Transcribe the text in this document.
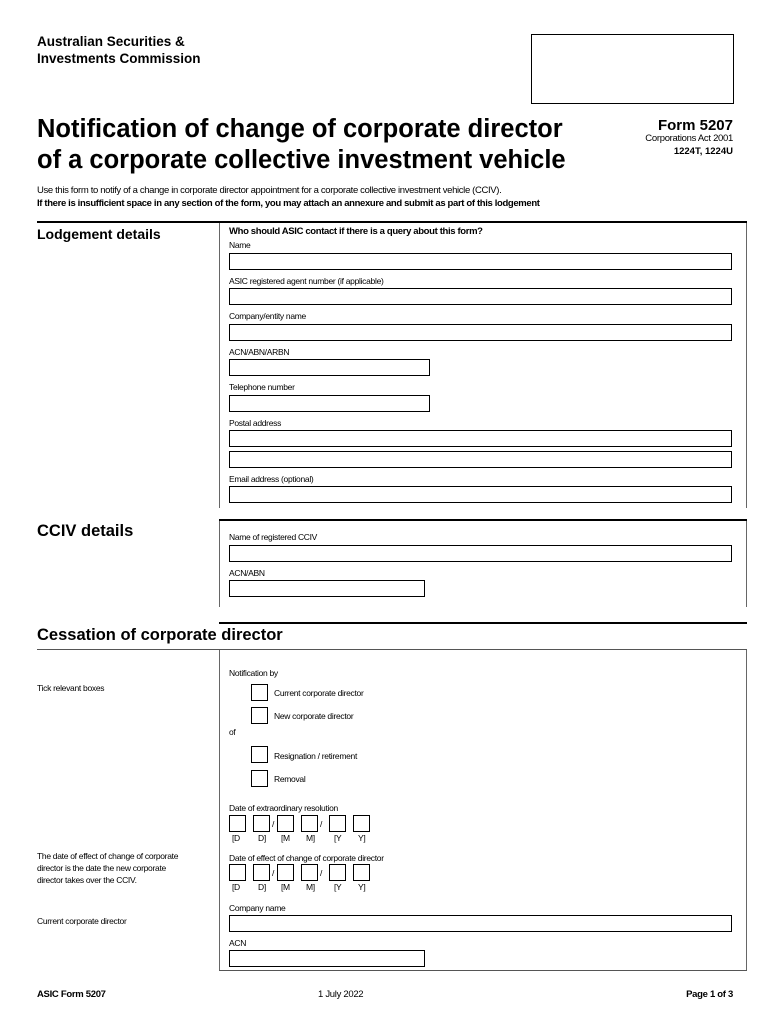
Australian Securities &
Investments Commission
Notification of change of corporate director
of a corporate collective investment vehicle
Form 5207
Corporations Act 2001
1224T, 1224U
Use this form to notify of a change in corporate director appointment for a corporate collective investment vehicle (CCIV).
If there is insufficient space in any section of the form, you may attach an annexure and submit as part of this lodgement
Lodgement details	Who should ASIC contact if there is a query about this form?
Name
ASIC registered agent number (if applicable)
Company/entity name
ACN/ABN/ARBN
Telephone number
Postal address
Email address (optional)
CCIV details	Name of registered CCIV
ACN/ABN
Cessation of corporate director
Tick relevant boxes
Notification by
Current corporate director
New corporate director
of
Resignation / retirement
Removal
Date of extraordinary resolution
/	/
[D D] [M M] [Y Y]
The date of effect of change of corporate
director is the date the new corporate
director takes over the CCIV.
Date of effect of change of corporate director
/	/
[D D] [M M] [Y Y]
Current corporate director
Company name
ACN
ASIC Form 5207	1 July 2022	Page 1 of 3
